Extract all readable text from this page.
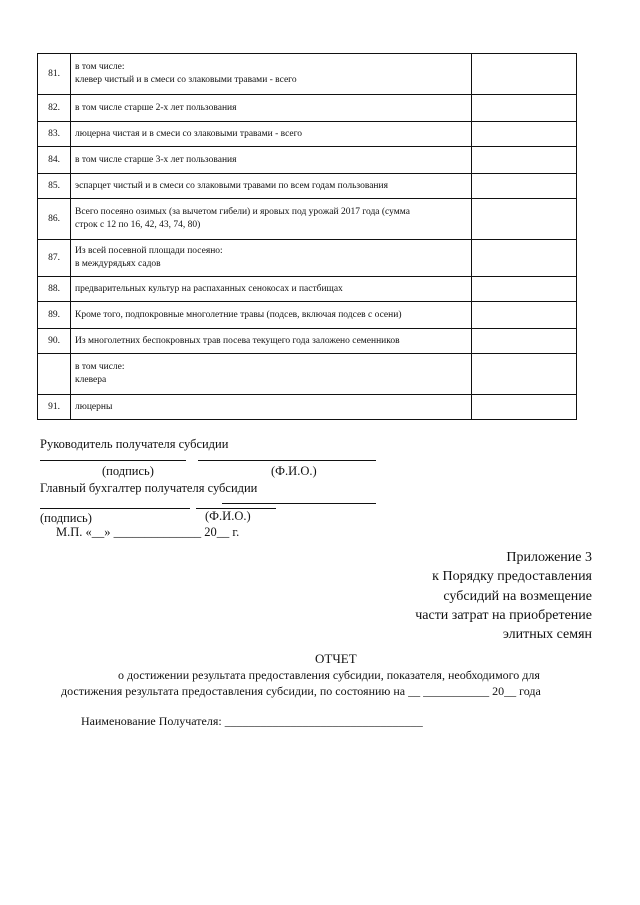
81.	в том числе:
клевер чистый и в смеси со злаковыми травами - всего	

82.	в том числе старше 2-х лет пользования	

83.	люцерна чистая и в смеси со злаковыми травами - всего	

84.	в том числе старше 3-х лет пользования	

85.	эспарцет чистый и в смеси со злаковыми травами по всем годам пользования	

86.	Всего посеяно озимых (за вычетом гибели) и яровых под урожай 2017 года (сумма
строк с 12 по 16, 42, 43, 74, 80)	

87.	Из всей посевной площади посеяно:
в междурядьях садов	

88.	предварительных культур на распаханных сенокосах и пастбищах	

89.	Кроме того, подпокровные многолетние травы (подсев, включая подсев с осени)	

90.	Из многолетних беспокровных трав посева текущего года заложено семенников	

	в том числе:
клевера	

91.	люцерны	

Руководитель получателя субсидии
(подпись)	(Ф.И.О.)
Главный бухгалтер получателя субсидии
(подпись)	(Ф.И.О.)
М.П. «__» ______________ 20__ г.
Приложение 3
к Порядку предоставления
субсидий на возмещение
части затрат на приобретение
элитных семян
ОТЧЕТ
о достижении результата предоставления субсидии, показателя, необходимого для
достижения результата предоставления субсидии, по состоянию на __ ___________ 20__ года
Наименование Получателя: _________________________________
